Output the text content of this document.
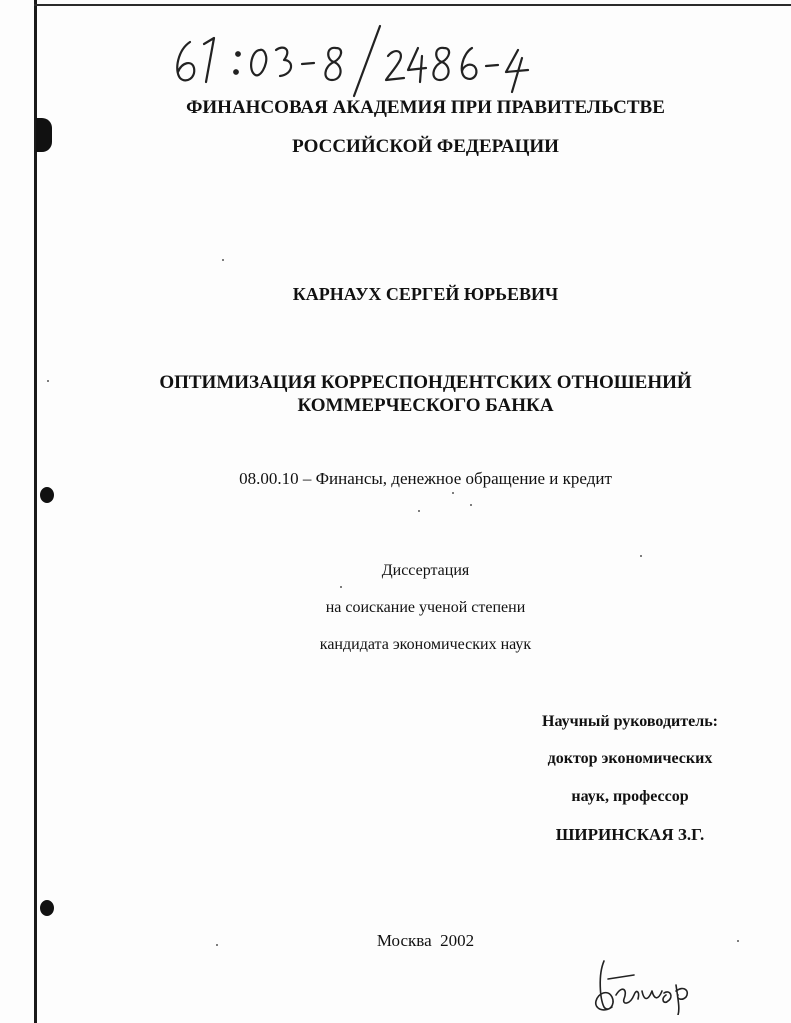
ФИНАНСОВАЯ АКАДЕМИЯ ПРИ ПРАВИТЕЛЬСТВЕ
РОССИЙСКОЙ ФЕДЕРАЦИИ
КАРНАУХ СЕРГЕЙ ЮРЬЕВИЧ
ОПТИМИЗАЦИЯ КОРРЕСПОНДЕНТСКИХ ОТНОШЕНИЙ
КОММЕРЧЕСКОГО БАНКА
08.00.10 – Финансы, денежное обращение и кредит
Диссертация
на соискание ученой степени
кандидата экономических наук
Научный руководитель:
доктор экономических
наук, профессор
ШИРИНСКАЯ З.Г.
Москва  2002
